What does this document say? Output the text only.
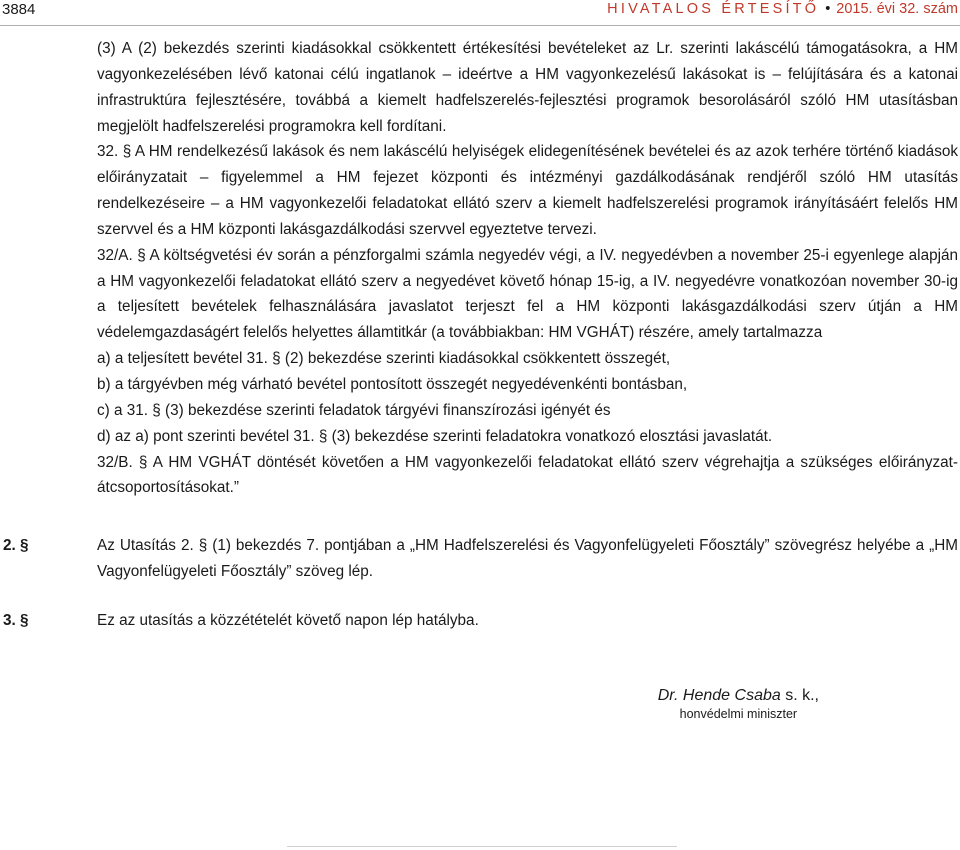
3884	HIVATALOS ÉRTESÍTŐ • 2015. évi 32. szám

(3) A (2) bekezdés szerinti kiadásokkal csökkentett értékesítési bevételeket az Lr. szerinti lakáscélú támogatásokra, a HM vagyonkezelésében lévő katonai célú ingatlanok – ideértve a HM vagyonkezelésű lakásokat is – felújítására és a katonai infrastruktúra fejlesztésére, továbbá a kiemelt hadfelszerelés-fejlesztési programok besorolásáról szóló HM utasításban megjelölt hadfelszerelési programokra kell fordítani.

32. § A HM rendelkezésű lakások és nem lakáscélú helyiségek elidegenítésének bevételei és az azok terhére történő kiadások előirányzatait – figyelemmel a HM fejezet központi és intézményi gazdálkodásának rendjéről szóló HM utasítás rendelkezéseire – a HM vagyonkezelői feladatokat ellátó szerv a kiemelt hadfelszerelési programok irányításáért felelős HM szervvel és a HM központi lakásgazdálkodási szervvel egyeztetve tervezi.

32/A. § A költségvetési év során a pénzforgalmi számla negyedév végi, a IV. negyedévben a november 25-i egyenlege alapján a HM vagyonkezelői feladatokat ellátó szerv a negyedévet követő hónap 15-ig, a IV. negyedévre vonatkozóan november 30-ig a teljesített bevételek felhasználására javaslatot terjeszt fel a HM központi lakásgazdálkodási szerv útján a HM védelemgazdaságért felelős helyettes államtitkár (a továbbiakban: HM VGHÁT) részére, amely tartalmazza

a) a teljesített bevétel 31. § (2) bekezdése szerinti kiadásokkal csökkentett összegét,

b) a tárgyévben még várható bevétel pontosított összegét negyedévenkénti bontásban,

c) a 31. § (3) bekezdése szerinti feladatok tárgyévi finanszírozási igényét és

d) az a) pont szerinti bevétel 31. § (3) bekezdése szerinti feladatokra vonatkozó elosztási javaslatát.

32/B. § A HM VGHÁT döntését követően a HM vagyonkezelői feladatokat ellátó szerv végrehajtja a szükséges előirányzat-átcsoportosításokat.”

2. §	Az Utasítás 2. § (1) bekezdés 7. pontjában a „HM Hadfelszerelési és Vagyonfelügyeleti Főosztály” szövegrész helyébe a „HM Vagyonfelügyeleti Főosztály” szöveg lép.
3. §	Ez az utasítás a közzétételét követő napon lép hatályba.
Dr. Hende Csaba s. k.,
honvédelmi miniszter
